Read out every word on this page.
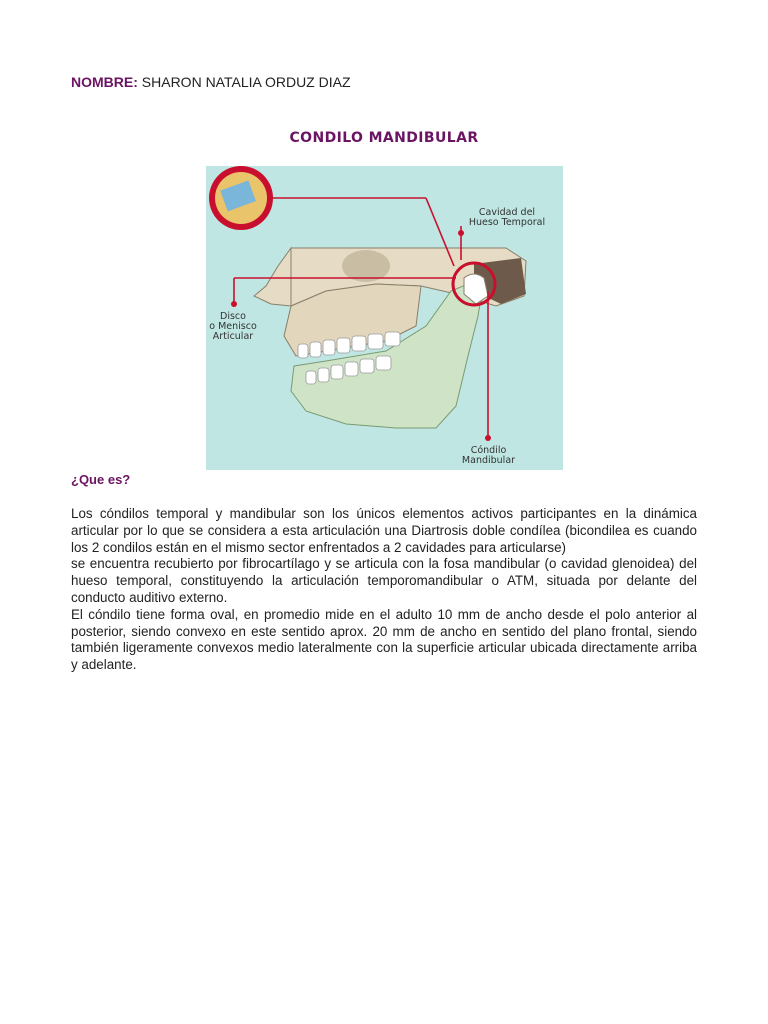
NOMBRE: SHARON NATALIA ORDUZ DIAZ
CONDILO MANDIBULAR
Cavidad del
Hueso Temporal
Disco
o Menisco
Articular
Cóndilo
Mandibular
¿Que es?

Los cóndilos temporal y mandibular son los únicos elementos activos participantes en la dinámica articular por lo que se considera a esta articulación una Diartrosis doble condílea (bicondilea es cuando los 2 condilos están en el mismo sector enfrentados a 2 cavidades para articularse)

se encuentra recubierto por fibrocartílago y se articula con la fosa mandibular (o cavidad glenoidea) del hueso temporal, constituyendo la articulación temporomandibular o ATM, situada por delante del conducto auditivo externo.

El cóndilo tiene forma oval, en promedio mide en el adulto 10 mm de ancho desde el polo anterior al posterior, siendo convexo en este sentido aprox. 20 mm de ancho en sentido del plano frontal, siendo también ligeramente convexos medio lateralmente con la superficie articular ubicada directamente arriba y adelante.
